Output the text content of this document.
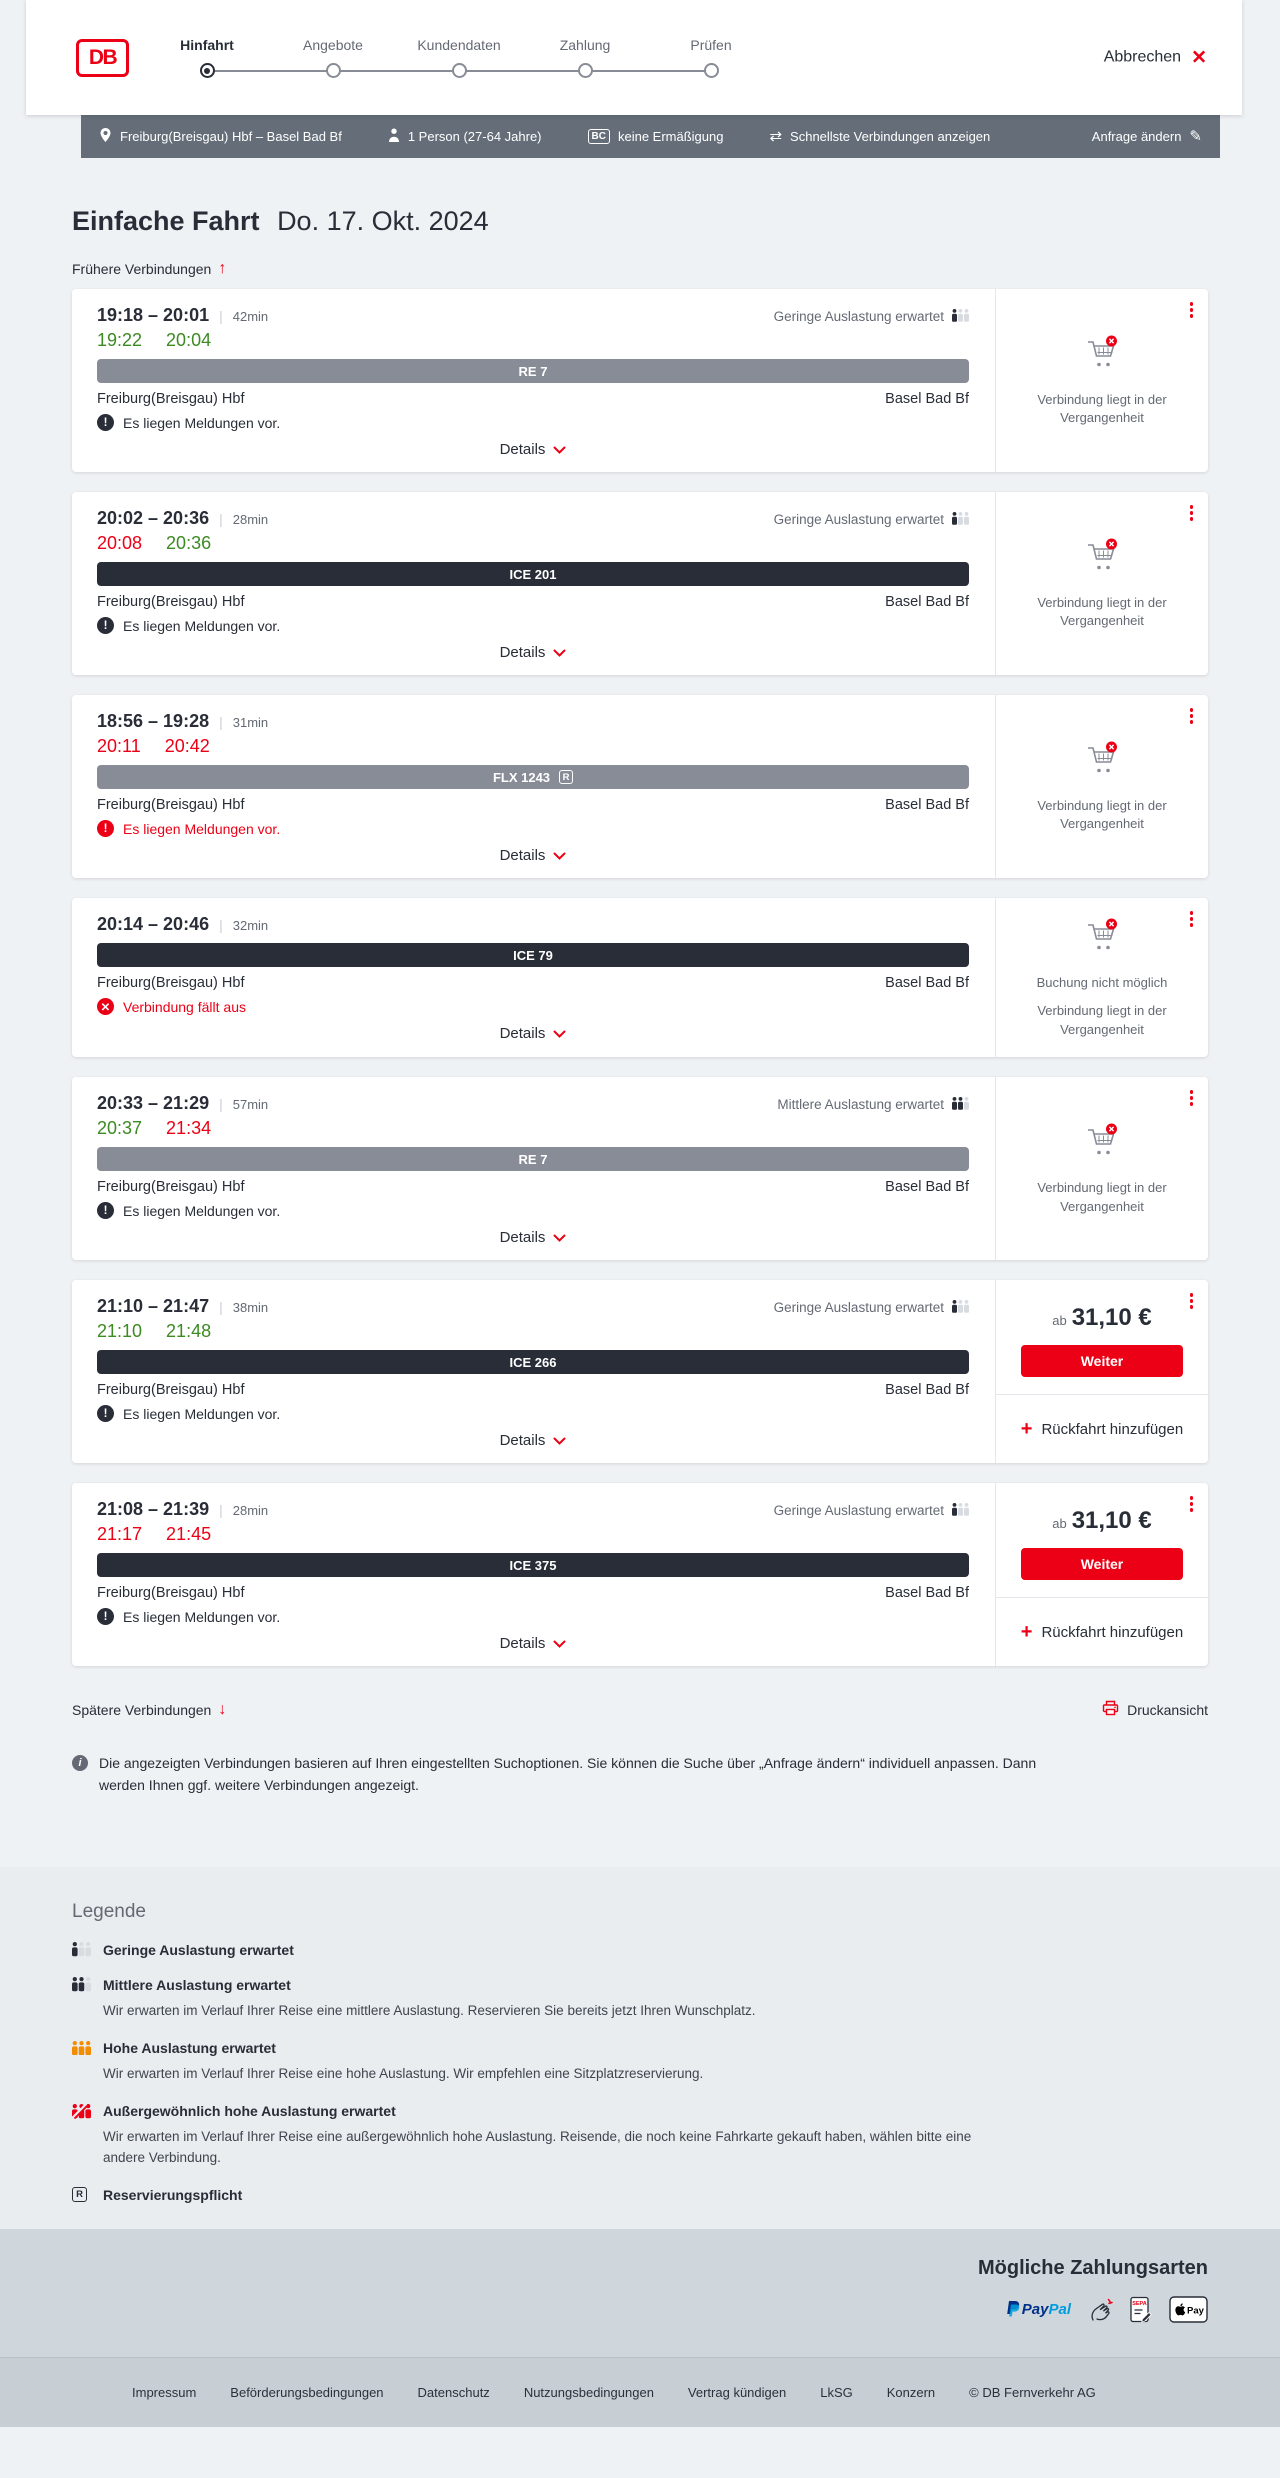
DB
Hinfahrt	Angebote	Kundendaten	Zahlung	Prüfen
Abbrechen ✕
Freiburg(Breisgau) Hbf – Basel Bad Bf	1 Person (27-64 Jahre)	BC keine Ermäßigung	⇄ Schnellste Verbindungen anzeigen	Anfrage ändern ✎
Einfache Fahrt Do. 17. Okt. 2024
Frühere Verbindungen ↑
19:18 – 20:01 | 42min	Geringe Auslastung erwartet
19:22 20:04
RE 7
Freiburg(Breisgau) Hbf	Basel Bad Bf
!	Es liegen Meldungen vor.
Details

Verbindung liegt in der Vergangenheit

20:02 – 20:36 | 28min	Geringe Auslastung erwartet
20:08 20:36
ICE 201
Freiburg(Breisgau) Hbf	Basel Bad Bf
!	Es liegen Meldungen vor.
Details

Verbindung liegt in der Vergangenheit

18:56 – 19:28 | 31min
20:11 20:42
FLX 1243	R
Freiburg(Breisgau) Hbf	Basel Bad Bf
!	Es liegen Meldungen vor.
Details

Verbindung liegt in der Vergangenheit

20:14 – 20:46 | 32min
ICE 79
Freiburg(Breisgau) Hbf	Basel Bad Bf
✕ Verbindung fällt aus
Details

Buchung nicht möglich

Verbindung liegt in der Vergangenheit

20:33 – 21:29 | 57min	Mittlere Auslastung erwartet
20:37 21:34
RE 7
Freiburg(Breisgau) Hbf	Basel Bad Bf
!	Es liegen Meldungen vor.
Details

Verbindung liegt in der Vergangenheit

21:10 – 21:47 | 38min	Geringe Auslastung erwartet
21:10 21:48
ICE 266
Freiburg(Breisgau) Hbf	Basel Bad Bf
!	Es liegen Meldungen vor.
Details
ab 31,10 €
Weiter
+ Rückfahrt hinzufügen
21:08 – 21:39 | 28min	Geringe Auslastung erwartet
21:17 21:45
ICE 375
Freiburg(Breisgau) Hbf	Basel Bad Bf
!	Es liegen Meldungen vor.
Details
ab 31,10 €
Weiter
+ Rückfahrt hinzufügen
Spätere Verbindungen ↓	Druckansicht
i	Die angezeigten Verbindungen basieren auf Ihren eingestellten Suchoptionen. Sie können die Suche über „Anfrage ändern“ individuell anpassen. Dann werden Ihnen ggf. weitere Verbindungen angezeigt.

Legende
Geringe Auslastung erwartet
Mittlere Auslastung erwartet

Wir erwarten im Verlauf Ihrer Reise eine mittlere Auslastung. Reservieren Sie bereits jetzt Ihren Wunschplatz.

Hohe Auslastung erwartet

Wir erwarten im Verlauf Ihrer Reise eine hohe Auslastung. Wir empfehlen eine Sitzplatzreservierung.

Außergewöhnlich hohe Auslastung erwartet

Wir erwarten im Verlauf Ihrer Reise eine außergewöhnlich hohe Auslastung. Reisende, die noch keine Fahrkarte gekauft haben, wählen bitte eine andere Verbindung.

R Reservierungspflicht
Mögliche Zahlungsarten
PayPal	SEPA
Pay
Impressum	Beförderungsbedingungen	Datenschutz	Nutzungsbedingungen	Vertrag kündigen	LkSG	Konzern	© DB Fernverkehr AG
